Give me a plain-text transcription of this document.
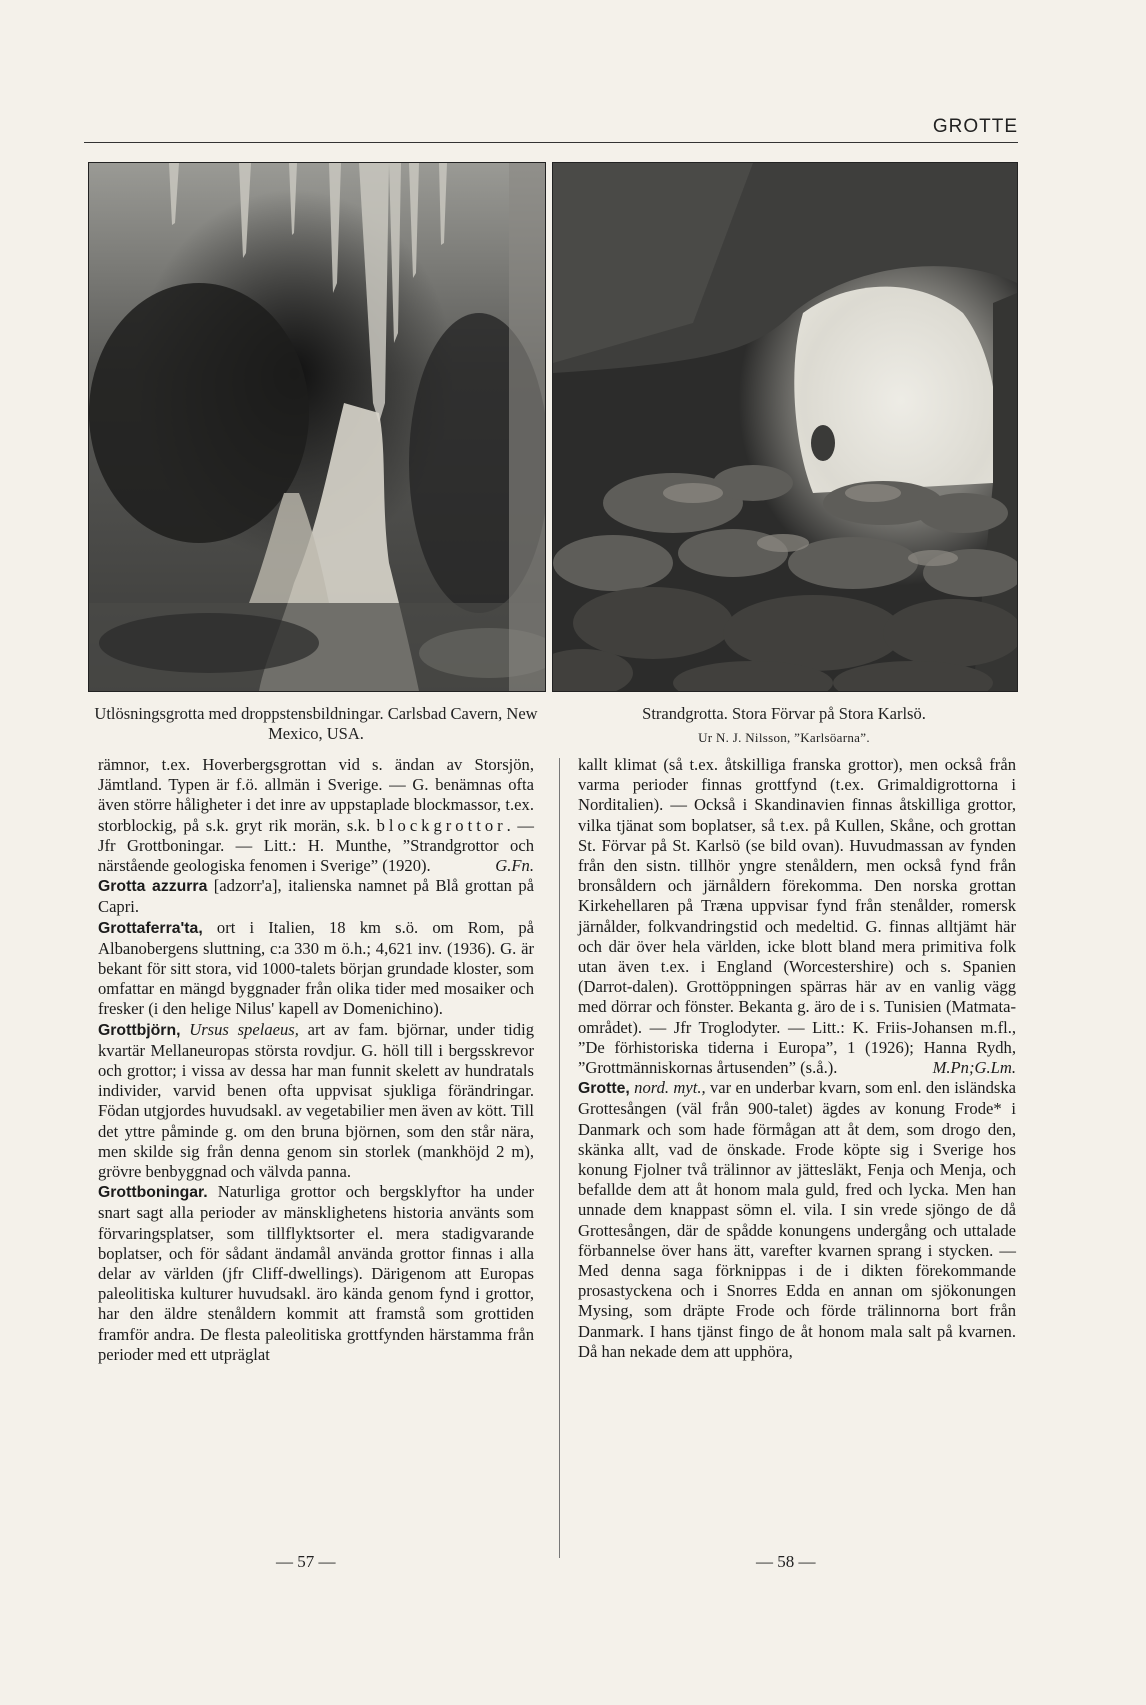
GROTTE
Utlösningsgrotta med droppstensbildningar. Carlsbad Cavern, New Mexico, USA.
Strandgrotta. Stora Förvar på Stora Karlsö.
Ur N. J. Nilsson, ”Karlsöarna”.

rämnor, t.ex. Hoverbergsgrottan vid s. ändan av Storsjön, Jämtland. Typen är f.ö. allmän i Sverige. — G. benämnas ofta även större håligheter i det inre av uppstaplade blockmassor, t.ex. storblockig, på s.k. gryt rik morän, s.k. blockgrottor. — Jfr Grottboningar. — Litt.: H. Munthe, ”Strandgrottor och närstående geologiska fenomen i Sverige” (1920).	G.Fn.

Grotta azzurra [adzorr'a], italienska namnet på Blå grottan på Capri.

Grottaferra'ta, ort i Italien, 18 km s.ö. om Rom, på Albanobergens sluttning, c:a 330 m ö.h.; 4,621 inv. (1936). G. är bekant för sitt stora, vid 1000-talets början grundade kloster, som omfattar en mängd byggnader från olika tider med mosaiker och fresker (i den helige Nilus' kapell av Domenichino).

Grottbjörn, Ursus spelaeus, art av fam. björnar, under tidig kvartär Mellaneuropas största rovdjur. G. höll till i bergsskrevor och grottor; i vissa av dessa har man funnit skelett av hundratals individer, varvid benen ofta uppvisat sjukliga förändringar. Födan utgjordes huvudsakl. av vegetabilier men även av kött. Till det yttre påminde g. om den bruna björnen, som den står nära, men skilde sig från denna genom sin storlek (mankhöjd 2 m), grövre benbyggnad och välvda panna.

Grottboningar. Naturliga grottor och bergsklyftor ha under snart sagt alla perioder av mänsklighetens historia använts som förvaringsplatser, som tillflyktsorter el. mera stadigvarande boplatser, och för sådant ändamål använda grottor finnas i alla delar av världen (jfr Cliff-dwellings). Därigenom att Europas paleolitiska kulturer huvudsakl. äro kända genom fynd i grottor, har den äldre stenåldern kommit att framstå som grottiden framför andra. De flesta paleolitiska grottfynden härstamma från perioder med ett utpräglat

kallt klimat (så t.ex. åtskilliga franska grottor), men också från varma perioder finnas grottfynd (t.ex. Grimaldigrottorna i Norditalien). — Också i Skandinavien finnas åtskilliga grottor, vilka tjänat som boplatser, så t.ex. på Kullen, Skåne, och grottan St. Förvar på St. Karlsö (se bild ovan). Huvudmassan av fynden från den sistn. tillhör yngre stenåldern, men också fynd från bronsåldern och järnåldern förekomma. Den norska grottan Kirkehellaren på Træna uppvisar fynd från stenålder, romersk järnålder, folkvandringstid och medeltid. G. finnas alltjämt här och där över hela världen, icke blott bland mera primitiva folk utan även t.ex. i England (Worcestershire) och s. Spanien (Darrot-dalen). Grottöppningen spärras här av en vanlig vägg med dörrar och fönster. Bekanta g. äro de i s. Tunisien (Matmata-området). — Jfr Troglodyter. — Litt.: K. Friis-Johansen m.fl., ”De förhistoriska tiderna i Europa”, 1 (1926); Hanna Rydh, ”Grottmänniskornas årtusenden” (s.å.).	M.Pn;G.Lm.

Grotte, nord. myt., var en underbar kvarn, som enl. den isländska Grottesången (väl från 900-talet) ägdes av konung Frode* i Danmark och som hade förmågan att åt dem, som drogo den, skänka allt, vad de önskade. Frode köpte sig i Sverige hos konung Fjolner två trälinnor av jättesläkt, Fenja och Menja, och befallde dem att åt honom mala guld, fred och lycka. Men han unnade dem knappast sömn el. vila. I sin vrede sjöngo de då Grottesången, där de spådde konungens undergång och uttalade förbannelse över hans ätt, varefter kvarnen sprang i stycken. — Med denna saga förknippas i de i dikten förekommande prosastyckena och i Snorres Edda en annan om sjökonungen Mysing, som dräpte Frode och förde trälinnorna bort från Danmark. I hans tjänst fingo de åt honom mala salt på kvarnen. Då han nekade dem att upphöra,

— 57 —	— 58 —
